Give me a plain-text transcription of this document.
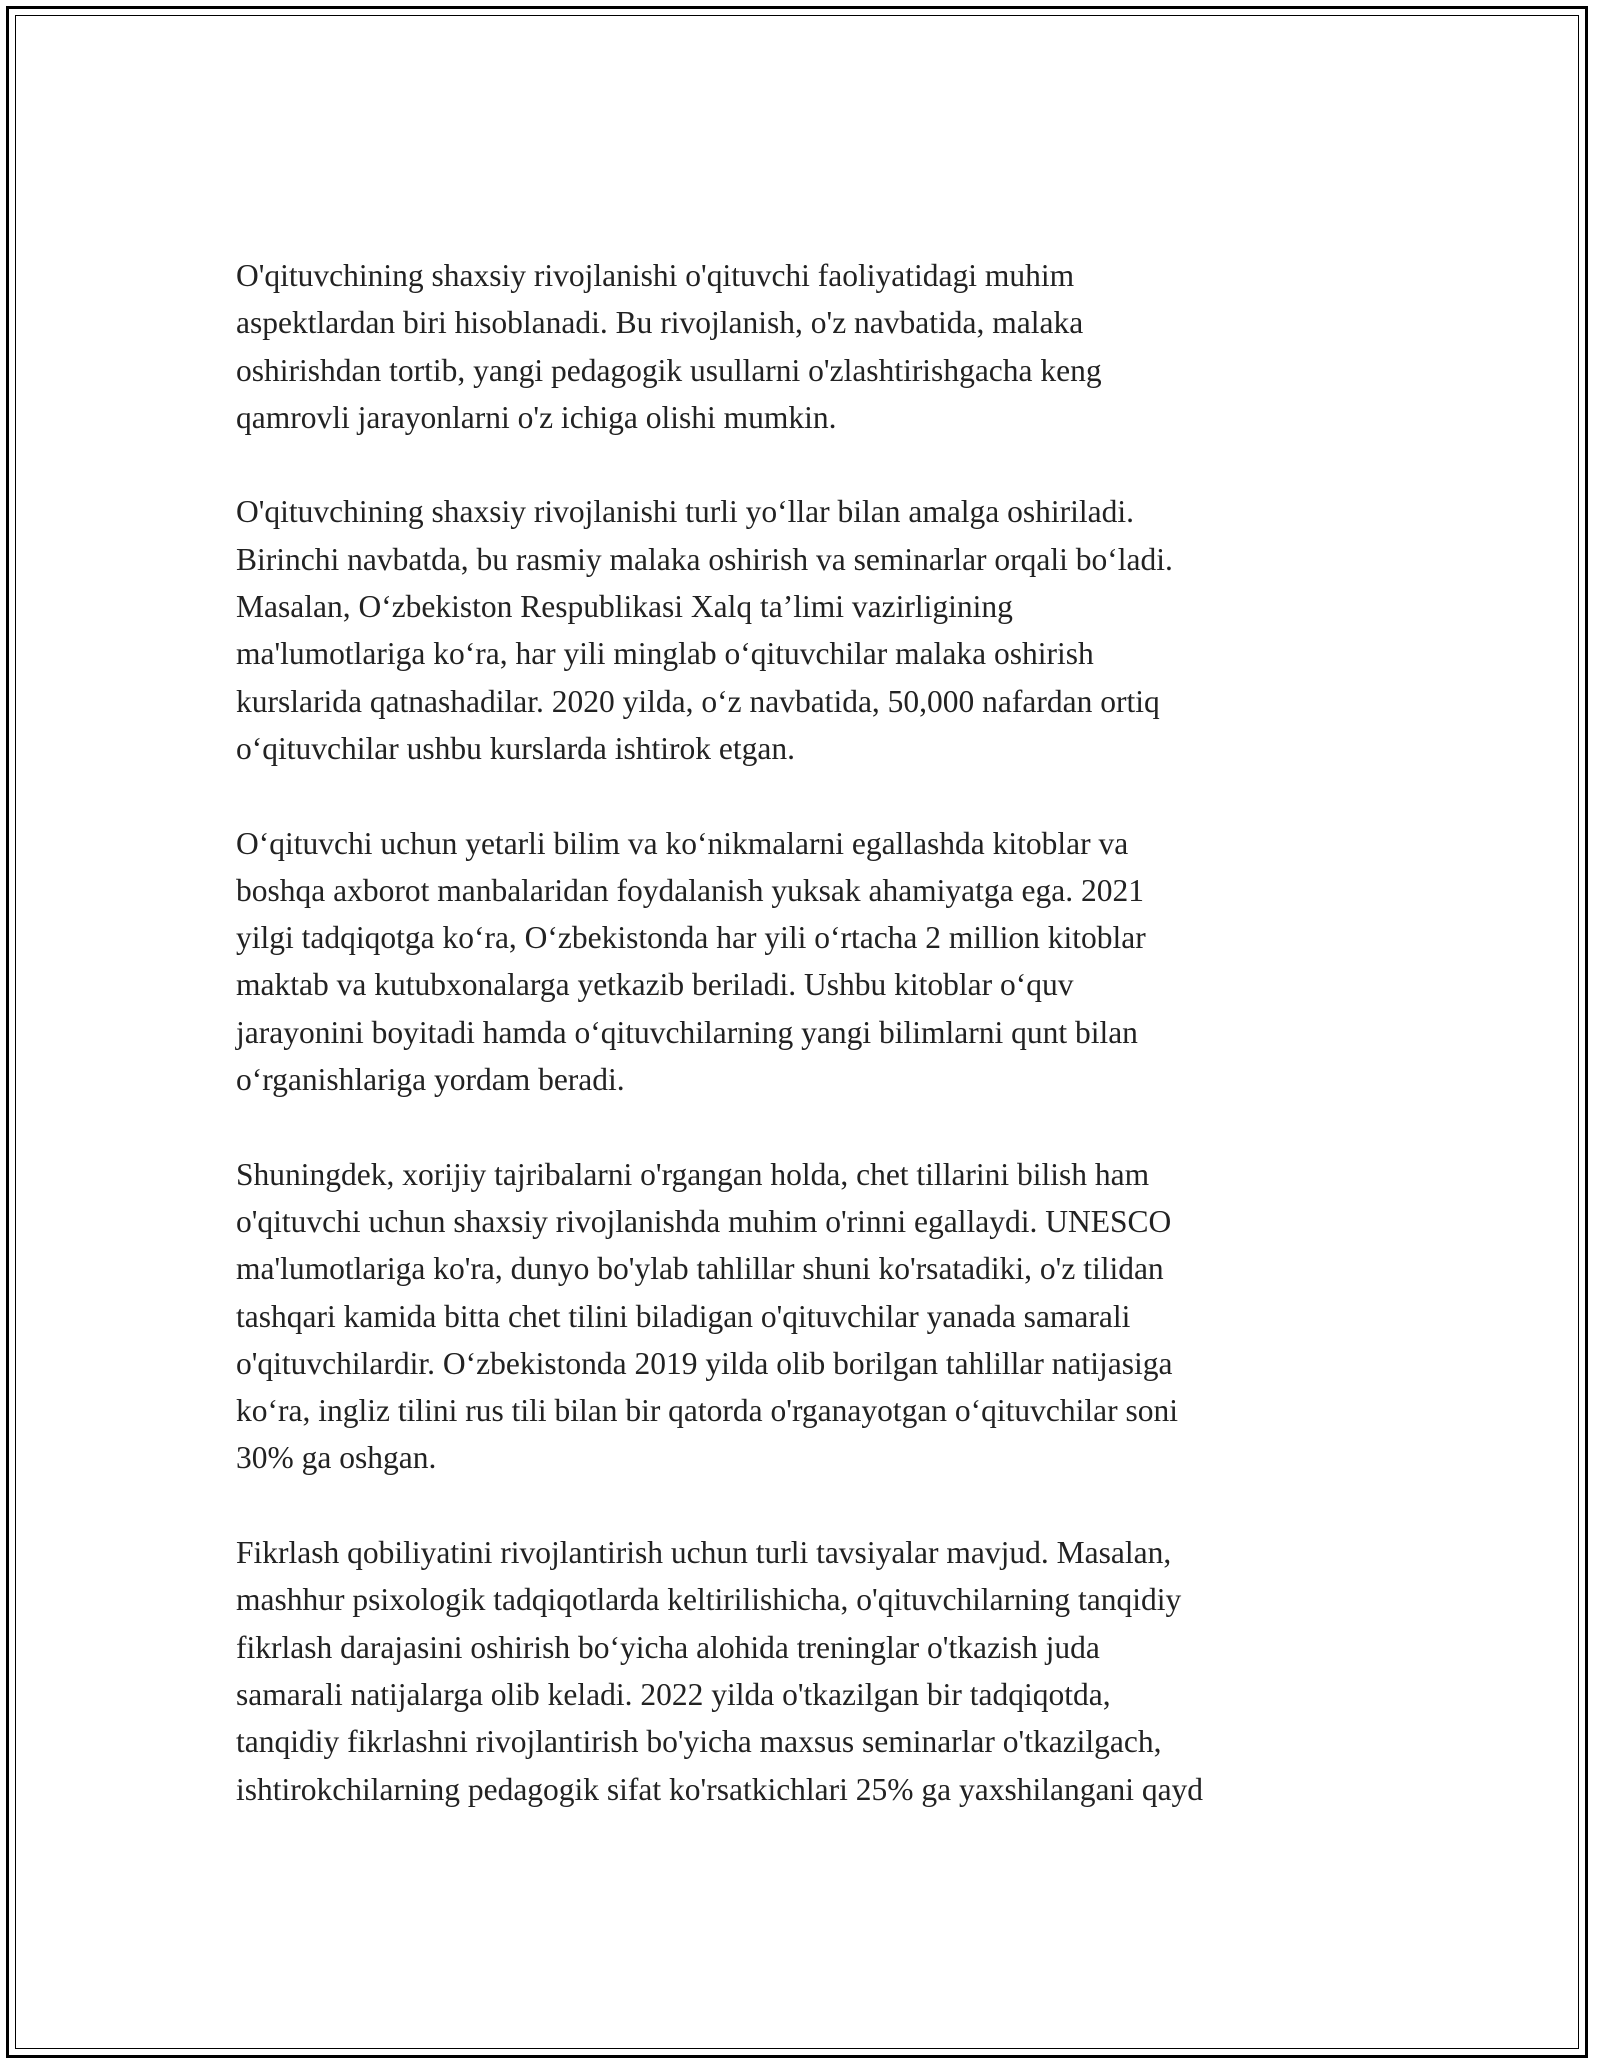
O'qituvchining shaxsiy rivojlanishi o'qituvchi faoliyatidagi muhim
aspektlardan biri hisoblanadi. Bu rivojlanish, o'z navbatida, malaka
oshirishdan tortib, yangi pedagogik usullarni o'zlashtirishgacha keng
qamrovli jarayonlarni o'z ichiga olishi mumkin.

O'qituvchining shaxsiy rivojlanishi turli yo‘llar bilan amalga oshiriladi.
Birinchi navbatda, bu rasmiy malaka oshirish va seminarlar orqali bo‘ladi.
Masalan, O‘zbekiston Respublikasi Xalq ta’limi vazirligining
ma'lumotlariga ko‘ra, har yili minglab o‘qituvchilar malaka oshirish
kurslarida qatnashadilar. 2020 yilda, o‘z navbatida, 50,000 nafardan ortiq
o‘qituvchilar ushbu kurslarda ishtirok etgan.

O‘qituvchi uchun yetarli bilim va ko‘nikmalarni egallashda kitoblar va
boshqa axborot manbalaridan foydalanish yuksak ahamiyatga ega. 2021
yilgi tadqiqotga ko‘ra, O‘zbekistonda har yili o‘rtacha 2 million kitoblar
maktab va kutubxonalarga yetkazib beriladi. Ushbu kitoblar o‘quv
jarayonini boyitadi hamda o‘qituvchilarning yangi bilimlarni qunt bilan
o‘rganishlariga yordam beradi.

Shuningdek, xorijiy tajribalarni o'rgangan holda, chet tillarini bilish ham
o'qituvchi uchun shaxsiy rivojlanishda muhim o'rinni egallaydi. UNESCO
ma'lumotlariga ko'ra, dunyo bo'ylab tahlillar shuni ko'rsatadiki, o'z tilidan
tashqari kamida bitta chet tilini biladigan o'qituvchilar yanada samarali
o'qituvchilardir. O‘zbekistonda 2019 yilda olib borilgan tahlillar natijasiga
ko‘ra, ingliz tilini rus tili bilan bir qatorda o'rganayotgan o‘qituvchilar soni
30% ga oshgan.

Fikrlash qobiliyatini rivojlantirish uchun turli tavsiyalar mavjud. Masalan,
mashhur psixologik tadqiqotlarda keltirilishicha, o'qituvchilarning tanqidiy
fikrlash darajasini oshirish bo‘yicha alohida treninglar o'tkazish juda
samarali natijalarga olib keladi. 2022 yilda o'tkazilgan bir tadqiqotda,
tanqidiy fikrlashni rivojlantirish bo'yicha maxsus seminarlar o'tkazilgach,
ishtirokchilarning pedagogik sifat ko'rsatkichlari 25% ga yaxshilangani qayd
